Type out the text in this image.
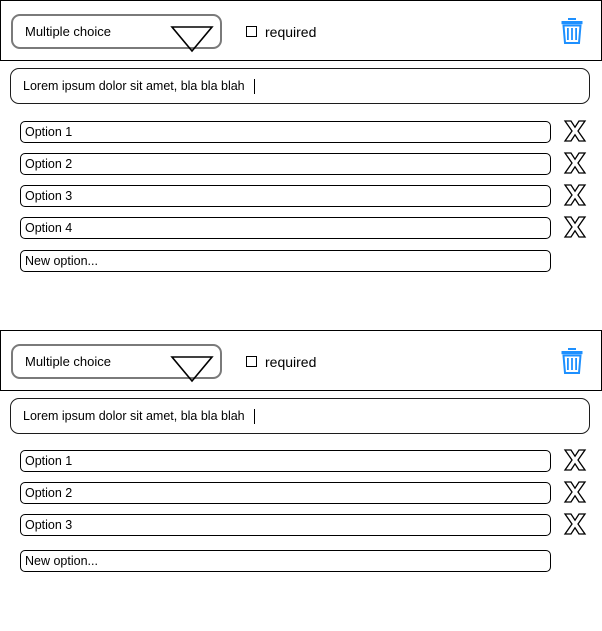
Multiple choice	required
Lorem ipsum dolor sit amet, bla bla blah
Option 1
Option 2
Option 3
Option 4
New option...
Multiple choice	required
Lorem ipsum dolor sit amet, bla bla blah
Option 1
Option 2
Option 3
New option...
